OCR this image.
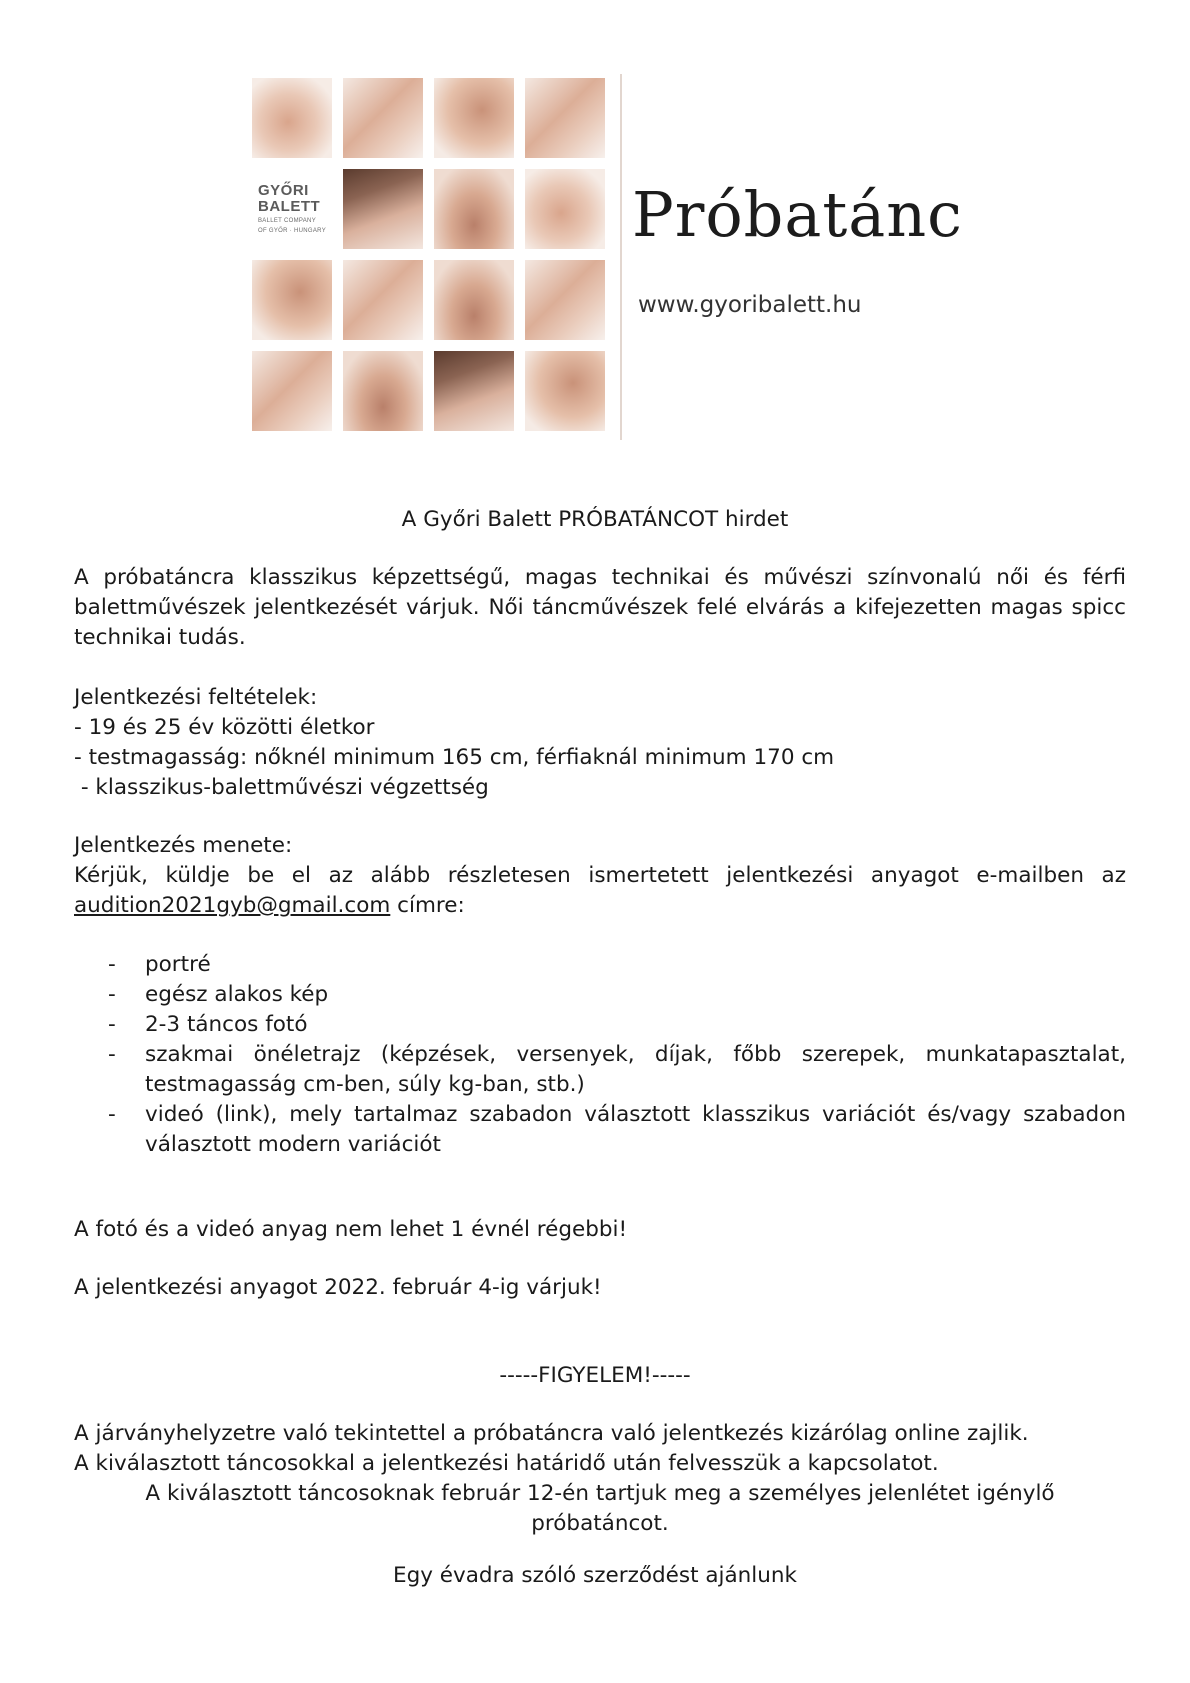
GYŐRI
BALETT
BALLET COMPANY
OF GYŐR · HUNGARY	Próbatánc
www.gyoribalett.hu
A Győri Balett PRÓBATÁNCOT hirdet
A próbatáncra klasszikus képzettségű, magas technikai és művészi színvonalú női és férfi balettművészek jelentkezését várjuk. Női táncművészek felé elvárás a kifejezetten magas spicc technikai tudás.
Jelentkezési feltételek:
- 19 és 25 év közötti életkor
- testmagasság: nőknél minimum 165 cm, férfiaknál minimum 170 cm
- klasszikus-balettművészi végzettség
Jelentkezés menete:
Kérjük, küldje be el az alább részletesen ismertetett jelentkezési anyagot e-mailben az audition2021gyb@gmail.com címre:
- portré
- egész alakos kép
- 2-3 táncos fotó
- szakmai önéletrajz (képzések, versenyek, díjak, főbb szerepek, munkatapasztalat, testmagasság cm-ben, súly kg-ban, stb.)
- videó (link), mely tartalmaz szabadon választott klasszikus variációt és/vagy szabadon választott modern variációt
A fotó és a videó anyag nem lehet 1 évnél régebbi!
A jelentkezési anyagot 2022. február 4-ig várjuk!
-----FIGYELEM!-----
A járványhelyzetre való tekintettel a próbatáncra való jelentkezés kizárólag online zajlik.
A kiválasztott táncosokkal a jelentkezési határidő után felvesszük a kapcsolatot.
A kiválasztott táncosoknak február 12-én tartjuk meg a személyes jelenlétet igénylő próbatáncot.
Egy évadra szóló szerződést ajánlunk
